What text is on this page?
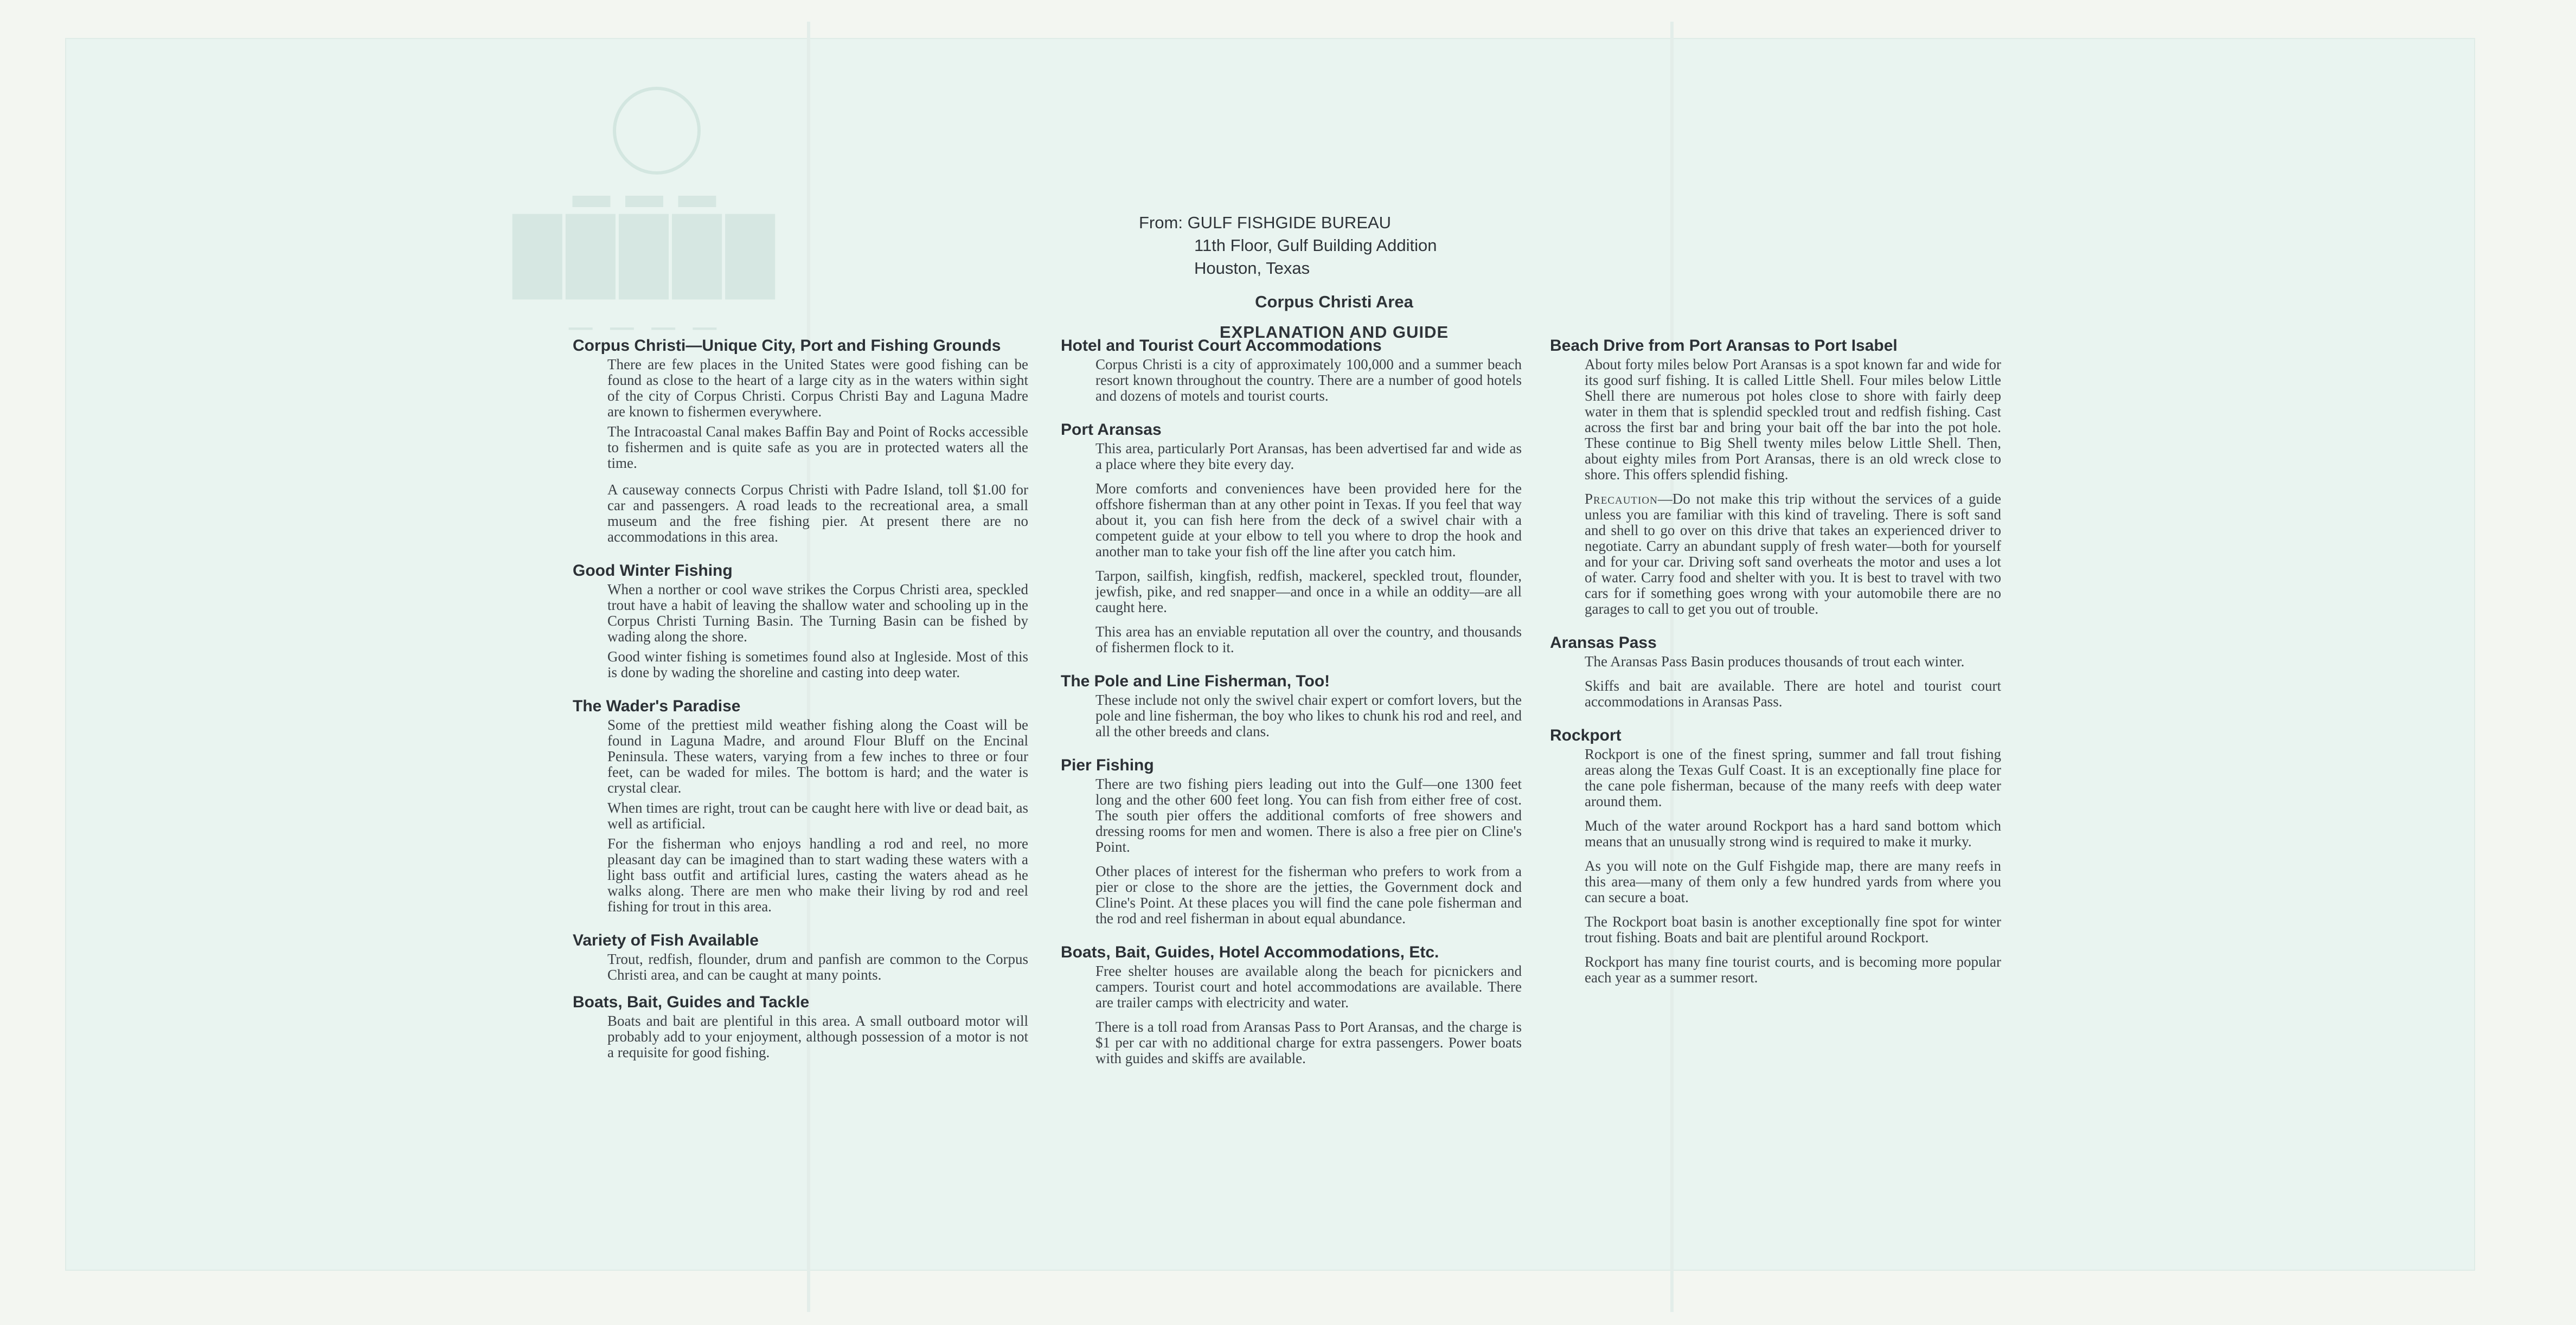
▬ ▬ ▬
█████
— — — —
From: GULF FISHGIDE BUREAU
11th Floor, Gulf Building Addition
Houston, Texas
Corpus Christi Area
EXPLANATION AND GUIDE
Corpus Christi—Unique City, Port and Fishing Grounds

There are few places in the United States were good fishing can be found as close to the heart of a large city as in the waters within sight of the city of Corpus Christi. Corpus Christi Bay and Laguna Madre are known to fishermen everywhere.

The Intracoastal Canal makes Baffin Bay and Point of Rocks accessible to fishermen and is quite safe as you are in protected waters all the time.

A causeway connects Corpus Christi with Padre Island, toll $1.00 for car and passengers. A road leads to the recreational area, a small museum and the free fishing pier. At present there are no accommodations in this area.

Good Winter Fishing

When a norther or cool wave strikes the Corpus Christi area, speckled trout have a habit of leaving the shallow water and schooling up in the Corpus Christi Turning Basin. The Turning Basin can be fished by wading along the shore.

Good winter fishing is sometimes found also at Ingleside. Most of this is done by wading the shoreline and casting into deep water.

The Wader's Paradise

Some of the prettiest mild weather fishing along the Coast will be found in Laguna Madre, and around Flour Bluff on the Encinal Peninsula. These waters, varying from a few inches to three or four feet, can be waded for miles. The bottom is hard; and the water is crystal clear.

When times are right, trout can be caught here with live or dead bait, as well as artificial.

For the fisherman who enjoys handling a rod and reel, no more pleasant day can be imagined than to start wading these waters with a light bass outfit and artificial lures, casting the waters ahead as he walks along. There are men who make their living by rod and reel fishing for trout in this area.

Variety of Fish Available

Trout, redfish, flounder, drum and panfish are common to the Corpus Christi area, and can be caught at many points.

Boats, Bait, Guides and Tackle

Boats and bait are plentiful in this area. A small outboard motor will probably add to your enjoyment, although possession of a motor is not a requisite for good fishing.

Hotel and Tourist Court Accommodations

Corpus Christi is a city of approximately 100,000 and a summer beach resort known throughout the country. There are a number of good hotels and dozens of motels and tourist courts.

Port Aransas

This area, particularly Port Aransas, has been advertised far and wide as a place where they bite every day.

More comforts and conveniences have been provided here for the offshore fisherman than at any other point in Texas. If you feel that way about it, you can fish here from the deck of a swivel chair with a competent guide at your elbow to tell you where to drop the hook and another man to take your fish off the line after you catch him.

Tarpon, sailfish, kingfish, redfish, mackerel, speckled trout, flounder, jewfish, pike, and red snapper—and once in a while an oddity—are all caught here.

This area has an enviable reputation all over the country, and thousands of fishermen flock to it.

The Pole and Line Fisherman, Too!

These include not only the swivel chair expert or comfort lovers, but the pole and line fisherman, the boy who likes to chunk his rod and reel, and all the other breeds and clans.

Pier Fishing

There are two fishing piers leading out into the Gulf—one 1300 feet long and the other 600 feet long. You can fish from either free of cost. The south pier offers the additional comforts of free showers and dressing rooms for men and women. There is also a free pier on Cline's Point.

Other places of interest for the fisherman who prefers to work from a pier or close to the shore are the jetties, the Government dock and Cline's Point. At these places you will find the cane pole fisherman and the rod and reel fisherman in about equal abundance.

Boats, Bait, Guides, Hotel Accommodations, Etc.

Free shelter houses are available along the beach for picnickers and campers. Tourist court and hotel accommodations are available. There are trailer camps with electricity and water.

There is a toll road from Aransas Pass to Port Aransas, and the charge is $1 per car with no additional charge for extra passengers. Power boats with guides and skiffs are available.

Beach Drive from Port Aransas to Port Isabel

About forty miles below Port Aransas is a spot known far and wide for its good surf fishing. It is called Little Shell. Four miles below Little Shell there are numerous pot holes close to shore with fairly deep water in them that is splendid speckled trout and redfish fishing. Cast across the first bar and bring your bait off the bar into the pot hole. These continue to Big Shell twenty miles below Little Shell. Then, about eighty miles from Port Aransas, there is an old wreck close to shore. This offers splendid fishing.

Precaution—Do not make this trip without the services of a guide unless you are familiar with this kind of traveling. There is soft sand and shell to go over on this drive that takes an experienced driver to negotiate. Carry an abundant supply of fresh water—both for yourself and for your car. Driving soft sand overheats the motor and uses a lot of water. Carry food and shelter with you. It is best to travel with two cars for if something goes wrong with your automobile there are no garages to call to get you out of trouble.

Aransas Pass

The Aransas Pass Basin produces thousands of trout each winter.

Skiffs and bait are available. There are hotel and tourist court accommodations in Aransas Pass.

Rockport

Rockport is one of the finest spring, summer and fall trout fishing areas along the Texas Gulf Coast. It is an exceptionally fine place for the cane pole fisherman, because of the many reefs with deep water around them.

Much of the water around Rockport has a hard sand bottom which means that an unusually strong wind is required to make it murky.

As you will note on the Gulf Fishgide map, there are many reefs in this area—many of them only a few hundred yards from where you can secure a boat.

The Rockport boat basin is another exceptionally fine spot for winter trout fishing. Boats and bait are plentiful around Rockport.

Rockport has many fine tourist courts, and is becoming more popular each year as a summer resort.
